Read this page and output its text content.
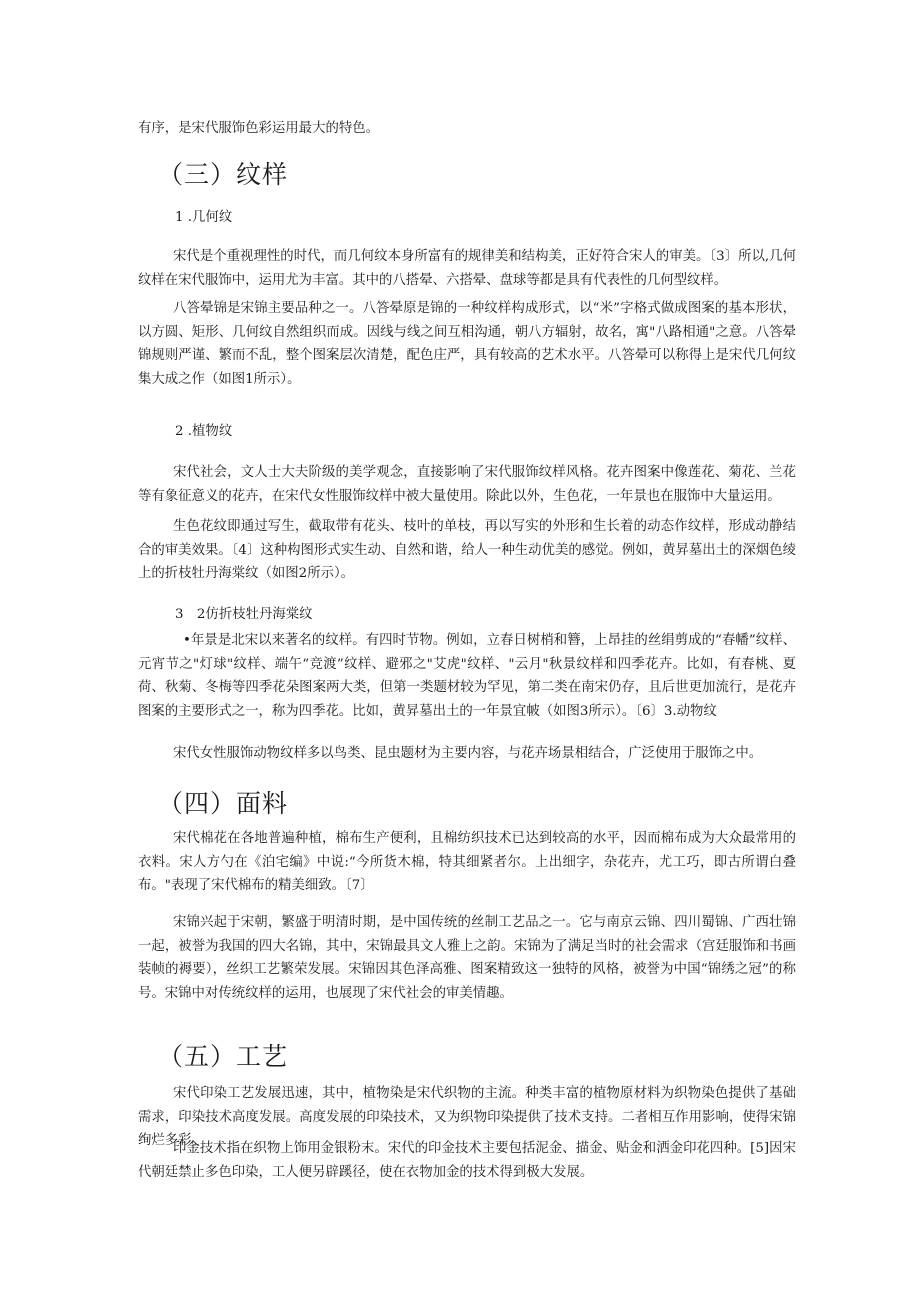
有序，是宋代服饰色彩运用最大的特色。

（三）纹样

1 .几何纹

宋代是个重视理性的时代，而几何纹本身所富有的规律美和结构美，正好符合宋人的审美。〔3〕所以,几何纹样在宋代服饰中，运用尤为丰富。其中的八搭晕、六搭晕、盘球等都是具有代表性的几何型纹样。

八答晕锦是宋锦主要品种之一。八答晕原是锦的一种纹样构成形式，以“米”字格式做成图案的基本形状，以方圆、矩形、几何纹自然组织而成。因线与线之间互相沟通，朝八方辐射，故名，寓"八路相通"之意。八答晕锦规则严谨、繁而不乱，整个图案层次清楚，配色庄严，具有较高的艺术水平。八答晕可以称得上是宋代几何纹集大成之作（如图1所示）。

2 .植物纹

宋代社会，文人士大夫阶级的美学观念，直接影响了宋代服饰纹样风格。花卉图案中像莲花、菊花、兰花等有象征意义的花卉，在宋代女性服饰纹样中被大量使用。除此以外，生色花，一年景也在服饰中大量运用。

生色花纹即通过写生，截取带有花头、枝叶的单枝，再以写实的外形和生长着的动态作纹样，形成动静结合的审美效果。〔4〕这种构图形式实生动、自然和谐，给人一种生动优美的感觉。例如，黄昇墓出土的深烟色绫上的折枝牡丹海棠纹（如图2所示）。

3　2仿折枝牡丹海棠纹

•年景是北宋以来著名的纹样。有四时节物。例如，立春日树梢和簪，上昂挂的丝绢剪成的“春幡”纹样、元宵节之"灯球"纹样、端午“竞渡”纹样、避邪之"艾虎"纹样、"云月"秋景纹样和四季花卉。比如，有春桃、夏荷、秋菊、冬梅等四季花朵图案两大类，但第一类题材较为罕见，第二类在南宋仍存，且后世更加流行，是花卉图案的主要形式之一，称为四季花。比如，黄昇墓出土的一年景宜帔（如图3所示）。〔6〕3.动物纹

宋代女性服饰动物纹样多以鸟类、昆虫题材为主要内容，与花卉场景相结合，广泛使用于服饰之中。

（四）面料

宋代棉花在各地普遍种植，棉布生产便利，且棉纺织技术已达到较高的水平，因而棉布成为大众最常用的衣料。宋人方勺在《泊宅编》中说:“今所货木棉，特其细紧者尔。上出细字，杂花卉，尤工巧，即古所谓白叠布。"表现了宋代棉布的精美细致。〔7〕

宋锦兴起于宋朝，繁盛于明清时期，是中国传统的丝制工艺品之一。它与南京云锦、四川蜀锦、广西壮锦一起，被誉为我国的四大名锦，其中，宋锦最具文人雅上之韵。宋锦为了满足当时的社会需求（宫廷服饰和书画装帧的褥要），丝织工艺繁荣发展。宋锦因其色泽高雅、图案精致这一独特的风格，被誉为中国“锦绣之冠”的称号。宋锦中对传统纹样的运用，也展现了宋代社会的审美情趣。

（五）工艺

宋代印染工艺发展迅速，其中，植物染是宋代织物的主流。种类丰富的植物原材料为织物染色提供了基础需求，印染技术高度发展。高度发展的印染技术，又为织物印染提供了技术支持。二者相互作用影响，使得宋锦绚烂多彩。

印金技术指在织物上饰用金银粉末。宋代的印金技术主要包括泥金、描金、贴金和洒金印花四种。[5]因宋代朝廷禁止多色印染，工人便另辟蹊径，使在衣物加金的技术得到极大发展。
